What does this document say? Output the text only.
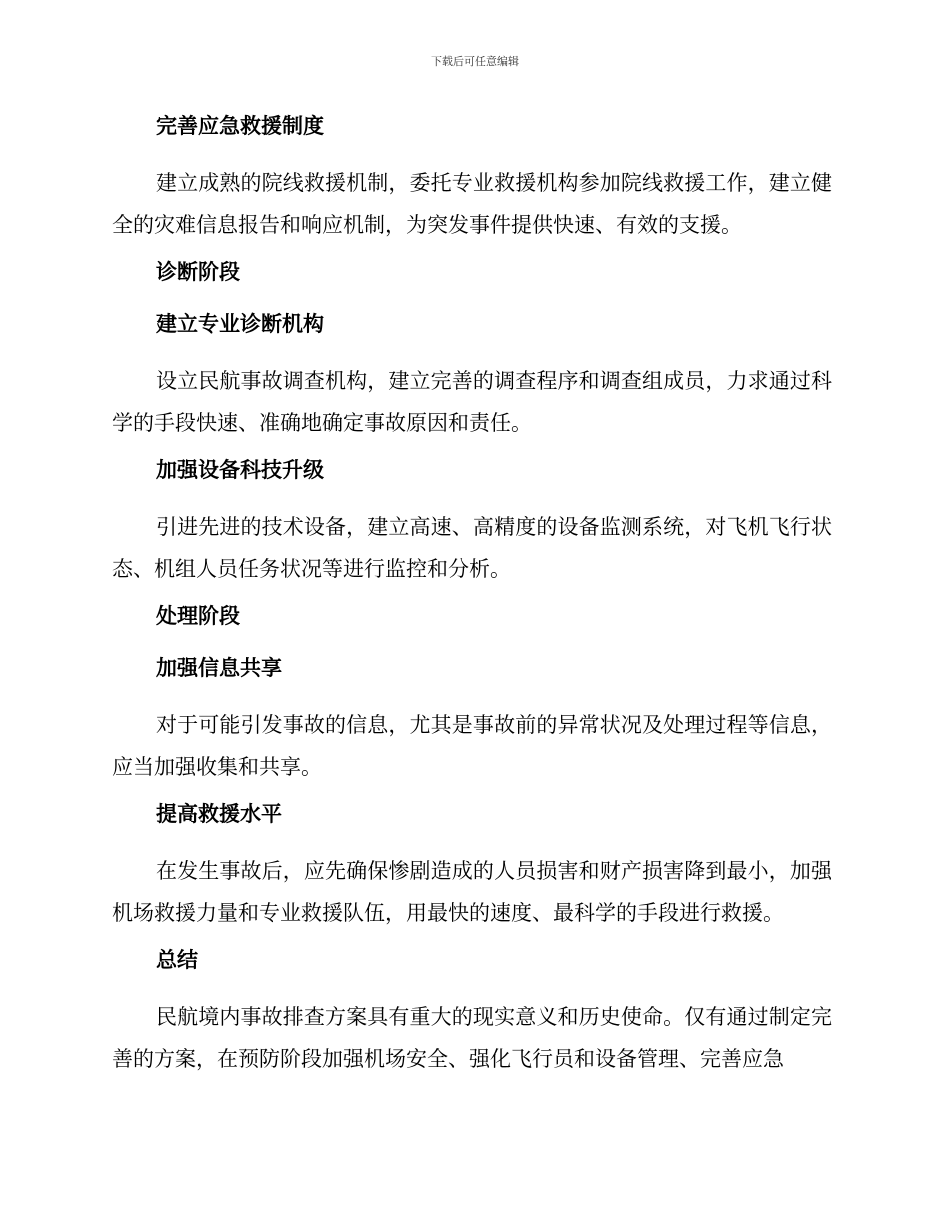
下载后可任意编辑
完善应急救援制度

建立成熟的院线救援机制，委托专业救援机构参加院线救援工作，建立健全的灾难信息报告和响应机制，为突发事件提供快速、有效的支援。

诊断阶段
建立专业诊断机构

设立民航事故调查机构，建立完善的调查程序和调查组成员，力求通过科学的手段快速、准确地确定事故原因和责任。

加强设备科技升级

引进先进的技术设备，建立高速、高精度的设备监测系统，对飞机飞行状态、机组人员任务状况等进行监控和分析。

处理阶段
加强信息共享

对于可能引发事故的信息，尤其是事故前的异常状况及处理过程等信息，应当加强收集和共享。

提高救援水平

在发生事故后，应先确保惨剧造成的人员损害和财产损害降到最小，加强机场救援力量和专业救援队伍，用最快的速度、最科学的手段进行救援。

总结

民航境内事故排查方案具有重大的现实意义和历史使命。仅有通过制定完善的方案，在预防阶段加强机场安全、强化飞行员和设备管理、完善应急
